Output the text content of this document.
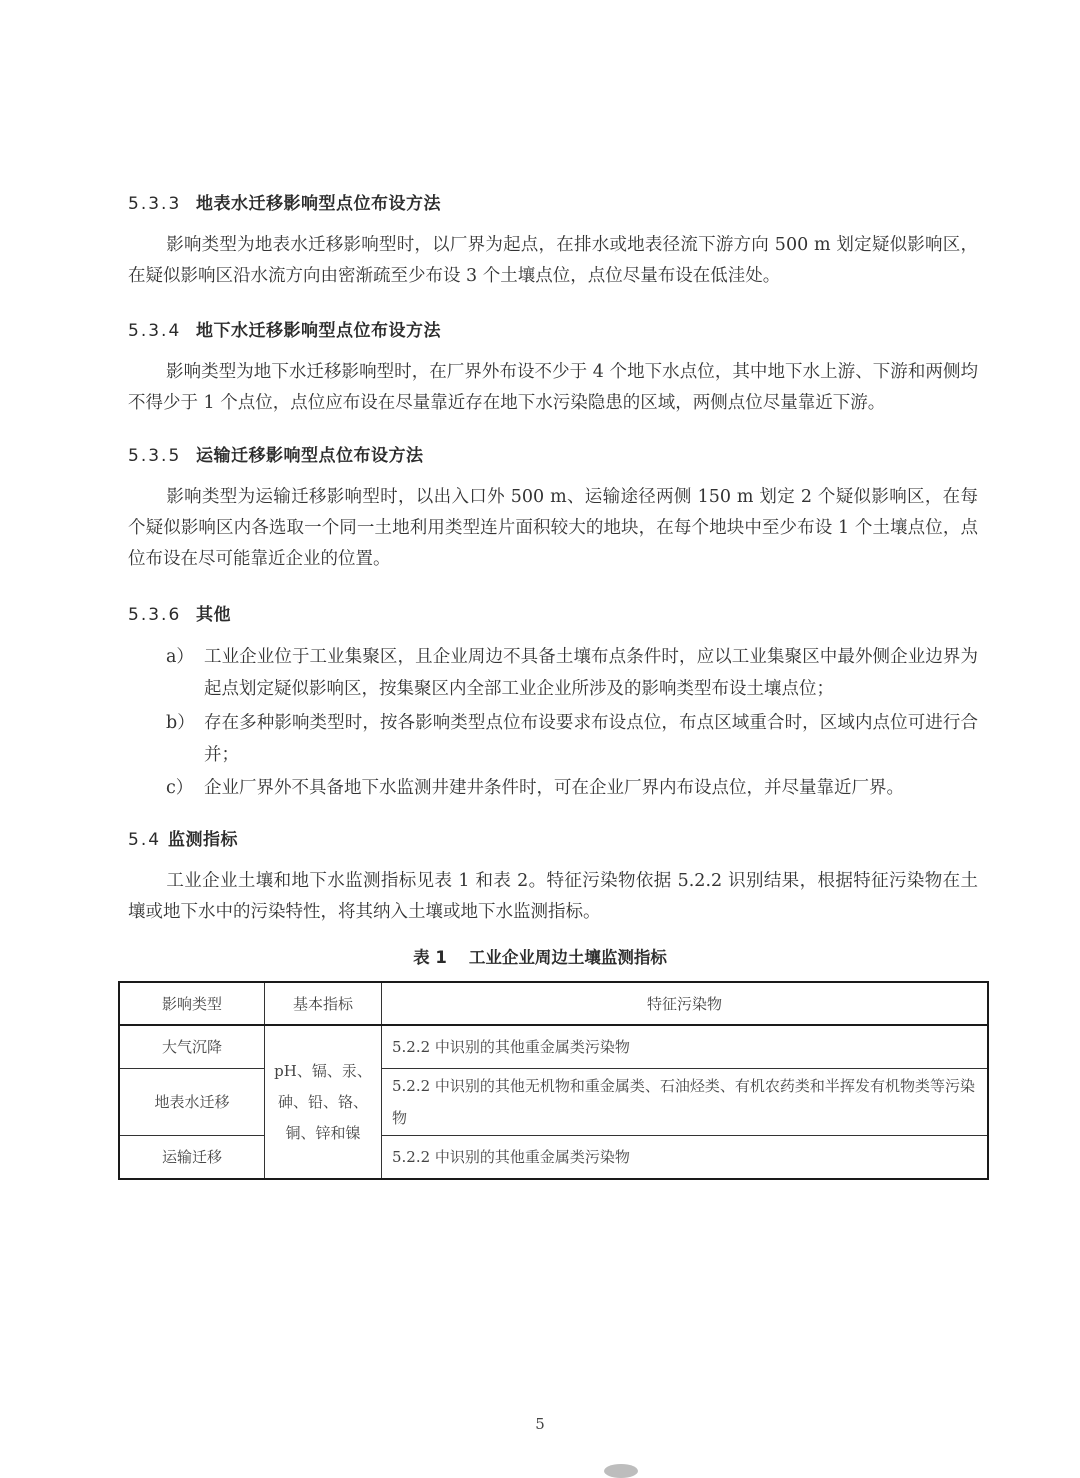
5.3.3 地表水迁移影响型点位布设方法
影响类型为地表水迁移影响型时，以厂界为起点，在排水或地表径流下游方向 500 m 划定疑似影响区，在疑似影响区沿水流方向由密渐疏至少布设 3 个土壤点位，点位尽量布设在低洼处。
5.3.4 地下水迁移影响型点位布设方法
影响类型为地下水迁移影响型时，在厂界外布设不少于 4 个地下水点位，其中地下水上游、下游和两侧均不得少于 1 个点位，点位应布设在尽量靠近存在地下水污染隐患的区域，两侧点位尽量靠近下游。
5.3.5 运输迁移影响型点位布设方法
影响类型为运输迁移影响型时，以出入口外 500 m、运输途径两侧 150 m 划定 2 个疑似影响区，在每个疑似影响区内各选取一个同一土地利用类型连片面积较大的地块，在每个地块中至少布设 1 个土壤点位，点位布设在尽可能靠近企业的位置。
5.3.6 其他
a） 工业企业位于工业集聚区，且企业周边不具备土壤布点条件时，应以工业集聚区中最外侧企业边界为起点划定疑似影响区，按集聚区内全部工业企业所涉及的影响类型布设土壤点位；
b） 存在多种影响类型时，按各影响类型点位布设要求布设点位，布点区域重合时，区域内点位可进行合并；
c） 企业厂界外不具备地下水监测井建井条件时，可在企业厂界内布设点位，并尽量靠近厂界。
5.4 监测指标
工业企业土壤和地下水监测指标见表 1 和表 2。特征污染物依据 5.2.2 识别结果，根据特征污染物在土壤或地下水中的污染特性，将其纳入土壤或地下水监测指标。
表 1 工业企业周边土壤监测指标
影响类型	基本指标	特征污染物
大气沉降	pH、镉、汞、砷、铅、铬、铜、锌和镍	5.2.2 中识别的其他重金属类污染物
地表水迁移		5.2.2 中识别的其他无机物和重金属类、石油烃类、有机农药类和半挥发有机物类等污染物
运输迁移		5.2.2 中识别的其他重金属类污染物
5
